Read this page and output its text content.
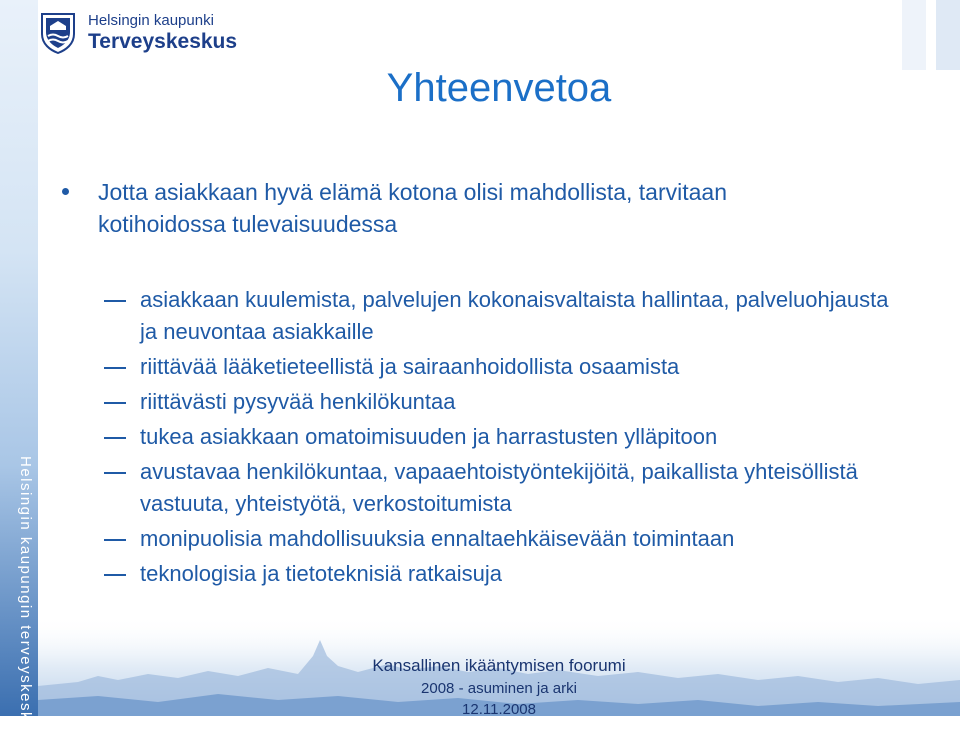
Helsingin kaupungin terveyskeskus
Helsingin kaupunki
Terveyskeskus
Yhteenvetoa
Jotta asiakkaan hyvä elämä kotona olisi mahdollista, tarvitaan kotihoidossa tulevaisuudessa
asiakkaan kuulemista, palvelujen kokonaisvaltaista hallintaa, palveluohjausta ja neuvontaa asiakkaille
riittävää lääketieteellistä ja sairaanhoidollista osaamista
riittävästi pysyvää henkilökuntaa
tukea asiakkaan omatoimisuuden ja harrastusten ylläpitoon
avustavaa henkilökuntaa, vapaaehtoistyöntekijöitä, paikallista yhteisöllistä vastuuta, yhteistyötä, verkostoitumista
monipuolisia mahdollisuuksia ennaltaehkäisevään toimintaan
teknologisia ja tietoteknisiä ratkaisuja
Kansallinen ikääntymisen foorumi
2008 - asuminen ja arki
12.11.2008
